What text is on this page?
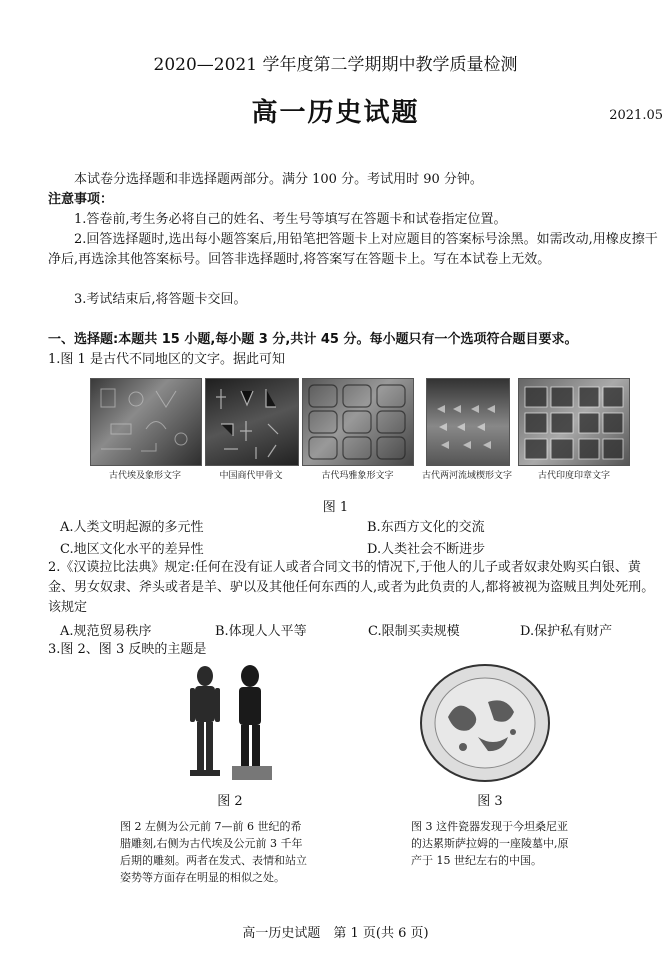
2020—2021 学年度第二学期期中教学质量检测
高一历史试题	2021.05
本试卷分选择题和非选择题两部分。满分 100 分。考试用时 90 分钟。
注意事项：
1.答卷前,考生务必将自己的姓名、考生号等填写在答题卡和试卷指定位置。
2.回答选择题时,选出每小题答案后,用铅笔把答题卡上对应题目的答案标号涂黑。如需改动,用橡皮擦干净后,再选涂其他答案标号。回答非选择题时,将答案写在答题卡上。写在本试卷上无效。
3.考试结束后,将答题卡交回。
一、选择题:本题共 15 小题,每小题 3 分,共计 45 分。每小题只有一个选项符合题目要求。
1.图 1 是古代不同地区的文字。据此可知
古代埃及象形文字	中国商代甲骨文	古代玛雅象形文字	古代两河流域楔形文字	古代印度印章文字
图 1
A.人类文明起源的多元性	B.东西方文化的交流
C.地区文化水平的差异性	D.人类社会不断进步
2.《汉谟拉比法典》规定:任何在没有证人或者合同文书的情况下,于他人的儿子或者奴隶处购买白银、黄金、男女奴隶、斧头或者是羊、驴以及其他任何东西的人,或者为此负责的人,都将被视为盗贼且判处死刑。该规定
A.规范贸易秩序	B.体现人人平等	C.限制买卖规模	D.保护私有财产
3.图 2、图 3 反映的主题是
图 2	图 3
图 2 左侧为公元前 7—前 6 世纪的希腊雕刻,右侧为古代埃及公元前 3 千年后期的雕刻。两者在发式、表情和站立姿势等方面存在明显的相似之处。
图 3 这件瓷器发现于今坦桑尼亚的达累斯萨拉姆的一座陵墓中,原产于 15 世纪左右的中国。
高一历史试题　第 1 页(共 6 页)
